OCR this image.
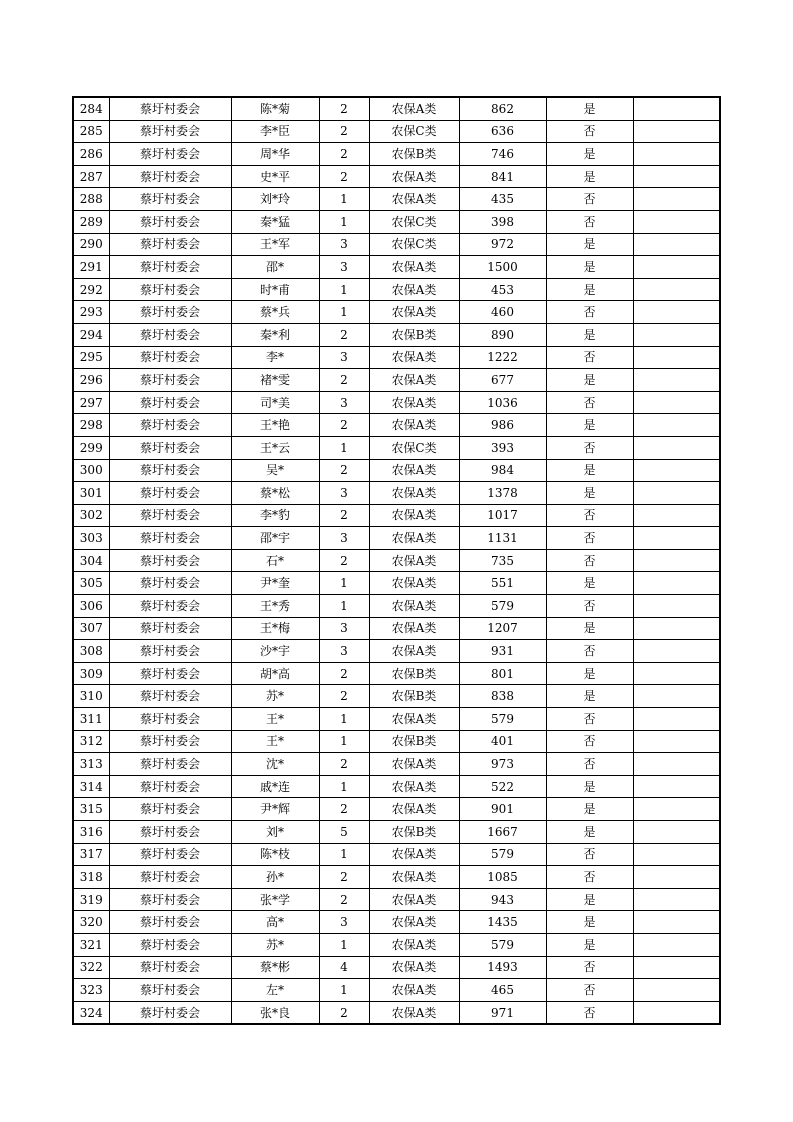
284	蔡圩村委会	陈*菊	2	农保A类	862	是	
285	蔡圩村委会	李*臣	2	农保C类	636	否	
286	蔡圩村委会	周*华	2	农保B类	746	是	
287	蔡圩村委会	史*平	2	农保A类	841	是	
288	蔡圩村委会	刘*玲	1	农保A类	435	否	
289	蔡圩村委会	秦*猛	1	农保C类	398	否	
290	蔡圩村委会	王*军	3	农保C类	972	是	
291	蔡圩村委会	邵*	3	农保A类	1500	是	
292	蔡圩村委会	时*甫	1	农保A类	453	是	
293	蔡圩村委会	蔡*兵	1	农保A类	460	否	
294	蔡圩村委会	秦*利	2	农保B类	890	是	
295	蔡圩村委会	李*	3	农保A类	1222	否	
296	蔡圩村委会	褚*雯	2	农保A类	677	是	
297	蔡圩村委会	司*美	3	农保A类	1036	否	
298	蔡圩村委会	王*艳	2	农保A类	986	是	
299	蔡圩村委会	王*云	1	农保C类	393	否	
300	蔡圩村委会	吴*	2	农保A类	984	是	
301	蔡圩村委会	蔡*松	3	农保A类	1378	是	
302	蔡圩村委会	李*豹	2	农保A类	1017	否	
303	蔡圩村委会	邵*宇	3	农保A类	1131	否	
304	蔡圩村委会	石*	2	农保A类	735	否	
305	蔡圩村委会	尹*奎	1	农保A类	551	是	
306	蔡圩村委会	王*秀	1	农保A类	579	否	
307	蔡圩村委会	王*梅	3	农保A类	1207	是	
308	蔡圩村委会	沙*宇	3	农保A类	931	否	
309	蔡圩村委会	胡*高	2	农保B类	801	是	
310	蔡圩村委会	苏*	2	农保B类	838	是	
311	蔡圩村委会	王*	1	农保A类	579	否	
312	蔡圩村委会	王*	1	农保B类	401	否	
313	蔡圩村委会	沈*	2	农保A类	973	否	
314	蔡圩村委会	戚*连	1	农保A类	522	是	
315	蔡圩村委会	尹*辉	2	农保A类	901	是	
316	蔡圩村委会	刘*	5	农保B类	1667	是	
317	蔡圩村委会	陈*枝	1	农保A类	579	否	
318	蔡圩村委会	孙*	2	农保A类	1085	否	
319	蔡圩村委会	张*学	2	农保A类	943	是	
320	蔡圩村委会	高*	3	农保A类	1435	是	
321	蔡圩村委会	苏*	1	农保A类	579	是	
322	蔡圩村委会	蔡*彬	4	农保A类	1493	否	
323	蔡圩村委会	左*	1	农保A类	465	否	
324	蔡圩村委会	张*良	2	农保A类	971	否	
